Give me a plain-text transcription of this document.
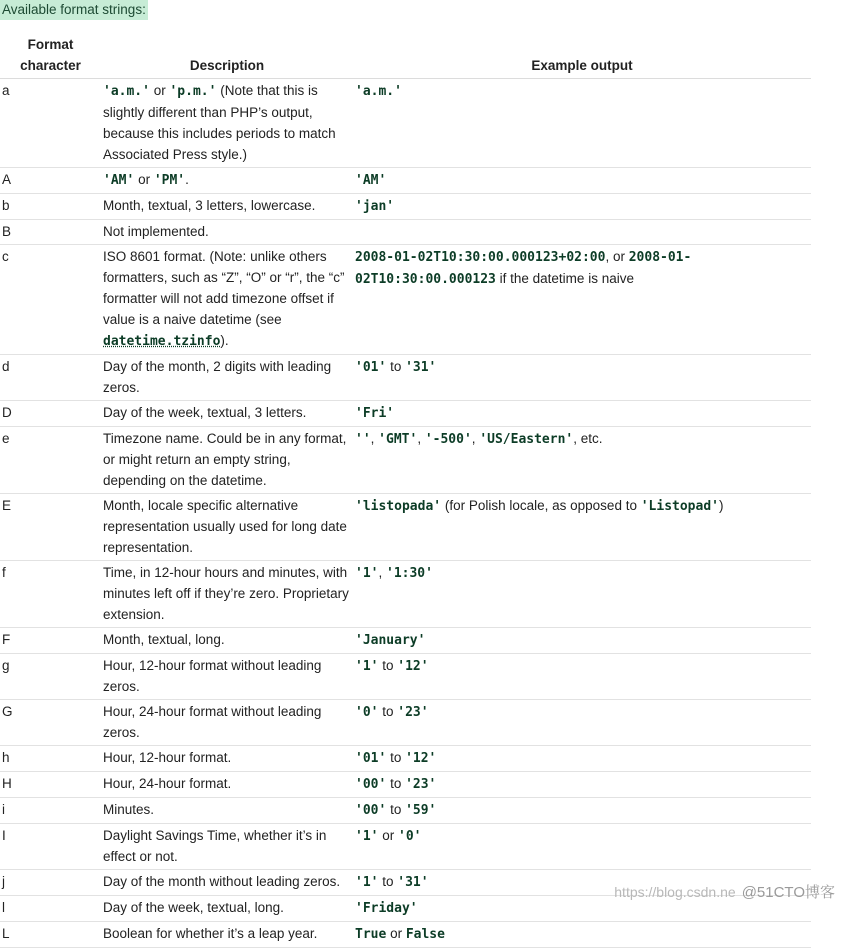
Available format strings:
Format
character	Description	Example output
a	'a.m.' or 'p.m.' (Note that this is slightly different than PHP’s output, because this includes periods to match Associated Press style.)	'a.m.'
A	'AM' or 'PM'.	'AM'
b	Month, textual, 3 letters, lowercase.	'jan'
B	Not implemented.	
c	ISO 8601 format. (Note: unlike others formatters, such as “Z”, “O” or “r”, the “c” formatter will not add timezone offset if value is a naive datetime (see datetime.tzinfo).	2008-01-02T10:30:00.000123+02:00, or 2008-01-02T10:30:00.000123 if the datetime is naive
d	Day of the month, 2 digits with leading zeros.	'01' to '31'
D	Day of the week, textual, 3 letters.	'Fri'
e	Timezone name. Could be in any format, or might return an empty string, depending on the datetime.	'', 'GMT', '-500', 'US/Eastern', etc.
E	Month, locale specific alternative representation usually used for long date representation.	'listopada' (for Polish locale, as opposed to 'Listopad')
f	Time, in 12-hour hours and minutes, with minutes left off if they’re zero. Proprietary extension.	'1', '1:30'
F	Month, textual, long.	'January'
g	Hour, 12-hour format without leading zeros.	'1' to '12'
G	Hour, 24-hour format without leading zeros.	'0' to '23'
h	Hour, 12-hour format.	'01' to '12'
H	Hour, 24-hour format.	'00' to '23'
i	Minutes.	'00' to '59'
I	Daylight Savings Time, whether it’s in effect or not.	'1' or '0'
j	Day of the month without leading zeros.	'1' to '31'
l	Day of the week, textual, long.	'Friday'
L	Boolean for whether it’s a leap year.	True or False
https://blog.csdn.ne @51CTO博客
